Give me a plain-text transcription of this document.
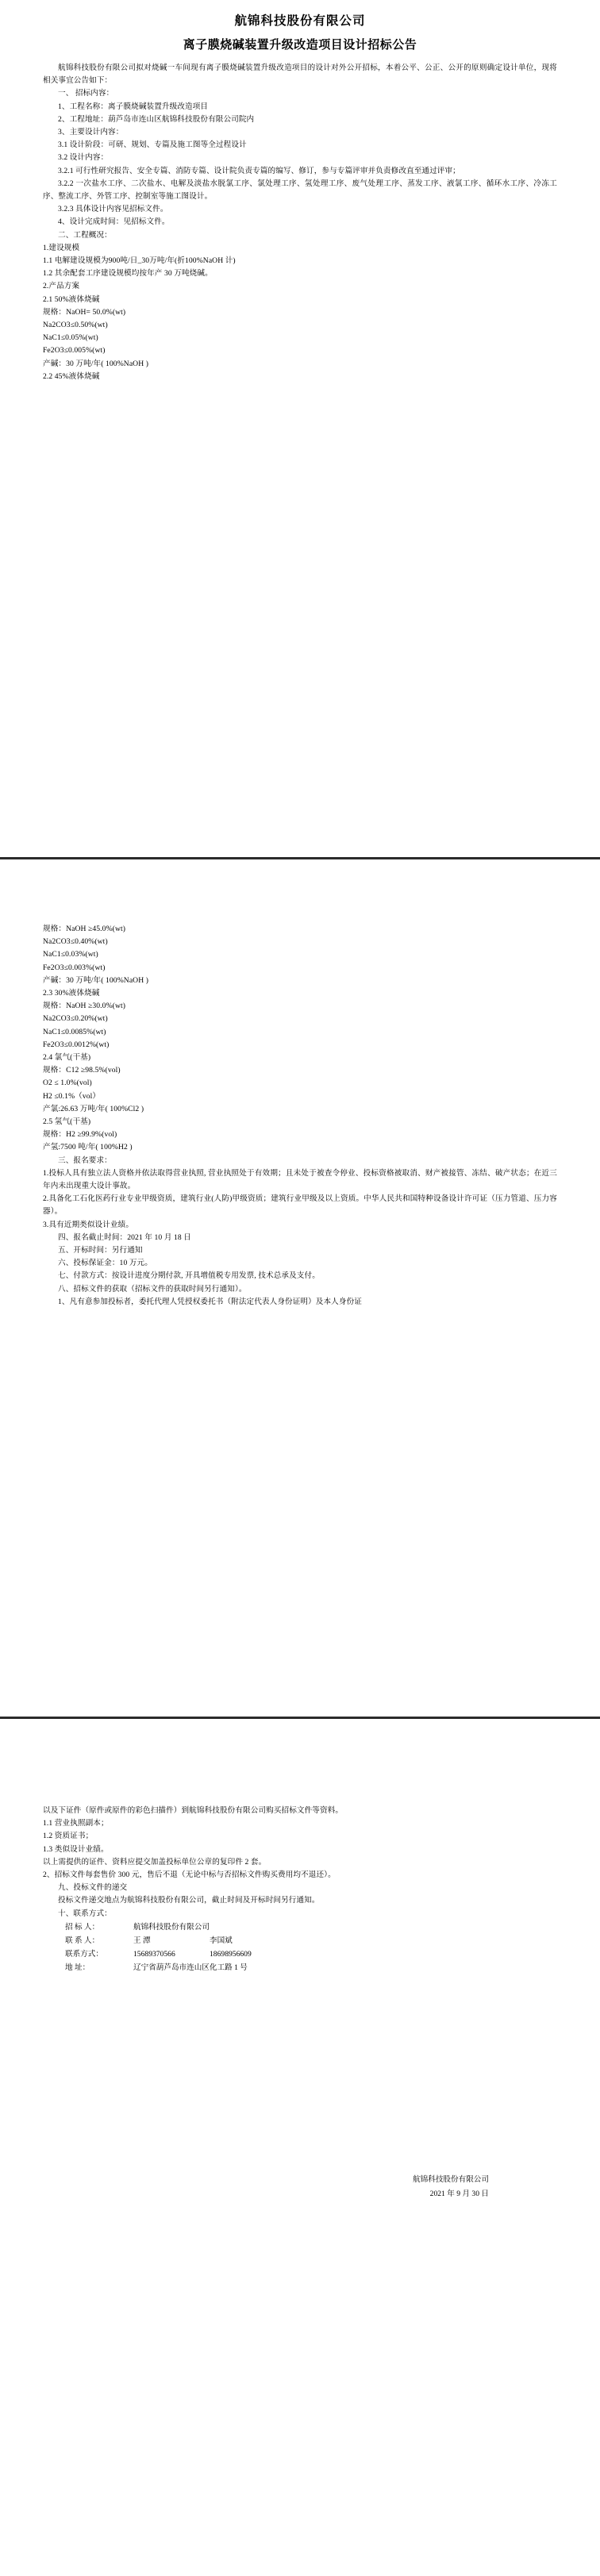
航锦科技股份有限公司
离子膜烧碱装置升级改造项目设计招标公告

航锦科技股份有限公司拟对烧碱一车间现有离子膜烧碱装置升级改造项目的设计对外公开招标，本着公平、公正、公开的原则确定设计单位，现将相关事宜公告如下：

一、 招标内容：

1、工程名称：离子膜烧碱装置升级改造项目

2、工程地址：葫芦岛市连山区航锦科技股份有限公司院内

3、主要设计内容：

3.1 设计阶段：可研、规划、专篇及施工图等全过程设计

3.2 设计内容：

3.2.1 可行性研究报告、安全专篇、消防专篇、设计院负责专篇的编写、修订，参与专篇评审并负责修改直至通过评审；

3.2.2 一次盐水工序、二次盐水、电解及淡盐水脱氯工序、氯处理工序、氢处理工序、废气处理工序、蒸发工序、液氯工序、循环水工序、冷冻工序、整流工序、外管工序、控制室等施工图设计。

3.2.3 具体设计内容见招标文件。

4、设计完成时间：见招标文件。

二、工程概况：

1.建设规模

1.1 电解建设规模为900吨/日_30万吨/年(折100%NaOH 计)

1.2 其余配套工序建设规模均按年产 30 万吨烧碱。

2.产品方案

2.1 50%液体烧碱

规格：NaOH= 50.0%(wt)

Na2CO3≤0.50%(wt)

NaC1≤0.05%(wt)

Fe2O3≤0.005%(wt)

产碱：30 万吨/年( 100%NaOH )

2.2 45%液体烧碱

规格：NaOH ≥45.0%(wt)

Na2CO3≤0.40%(wt)

NaC1≤0.03%(wt)

Fe2O3≤0.003%(wt)

产碱：30 万吨/年( 100%NaOH )

2.3 30%液体烧碱

规格：NaOH ≥30.0%(wt)

Na2CO3≤0.20%(wt)

NaC1≤0.0085%(wt)

Fe2O3≤0.0012%(wt)

2.4 氯气(干基)

规格：C12 ≥98.5%(vol)

O2 ≤ 1.0%(vol)

H2 ≤0.1%（vol）

产氯:26.63 万吨/年( 100%Cl2 )

2.5 氢气(干基)

规格：H2 ≥99.9%(vol)

产氢:7500 吨/年( 100%H2 )

三、报名要求：

1.投标人具有独立法人资格并依法取得营业执照, 营业执照处于有效期；且未处于被查令停业、投标资格被取消、财产被接管、冻结、破产状态；在近三年内未出现重大设计事故。

2.具备化工石化医药行业专业甲级资质，建筑行业(人防)甲级资质；建筑行业甲级及以上资质。中华人民共和国特种设备设计许可证（压力管道、压力容器）。

3.具有近期类似设计业绩。

四、报名截止时间：2021 年 10 月 18 日

五、开标时间：另行通知

六、投标保证金：10 万元。

七、付款方式：按设计进度分期付款, 开具增值税专用发票, 技术总承及支付。

八、招标文件的获取（招标文件的获取时间另行通知）。

1、凡有意参加投标者，委托代理人凭授权委托书（附法定代表人身份证明）及本人身份证

以及下证件（原件或原件的彩色扫描件）到航锦科技股份有限公司购买招标文件等资料。

1.1 营业执照副本；

1.2 资质证书；

1.3 类似设计业绩。

以上需提供的证件、资料应提交加盖投标单位公章的复印件 2 套。

2、招标文件每套售价 300 元，售后不退（无论中标与否招标文件购买费用均不退还）。

九、投标文件的递交

投标文件递交地点为航锦科技股份有限公司，截止时间及开标时间另行通知。

十、联系方式：

招 标 人：	航锦科技股份有限公司

联 系 人：	王 潭	李国斌

联系方式：	15689370566	18698956609

地 址：	辽宁省葫芦岛市连山区化工路 1 号

航锦科技股份有限公司

2021 年 9 月 30 日
